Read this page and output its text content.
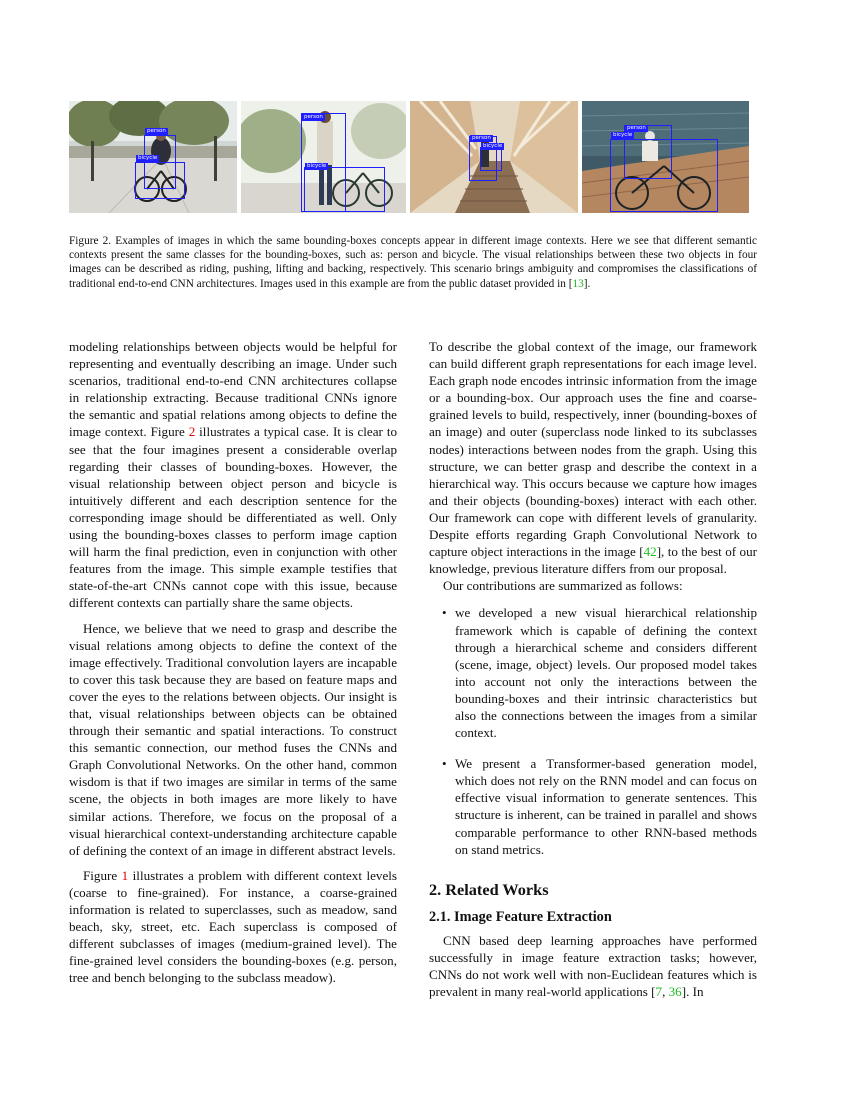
person
bicycle
person
bicycle
person
bicycle
person
bicycle
Figure 2. Examples of images in which the same bounding-boxes concepts appear in different image contexts. Here we see that different semantic contexts present the same classes for the bounding-boxes, such as: person and bicycle. The visual relationships between these two objects in four images can be described as riding, pushing, lifting and backing, respectively. This scenario brings ambiguity and compromises the classifications of traditional end-to-end CNN architectures. Images used in this example are from the public dataset provided in [13].

modeling relationships between objects would be helpful for representing and eventually describing an image. Under such scenarios, traditional end-to-end CNN architectures collapse in relationship extracting. Because traditional CNNs ignore the semantic and spatial relations among objects to define the image context. Figure 2 illustrates a typical case. It is clear to see that the four imagines present a considerable overlap regarding their classes of bounding-boxes. However, the visual relationship between object person and bicycle is intuitively different and each description sentence for the corresponding image should be differentiated as well. Only using the bounding-boxes classes to perform image caption will harm the final prediction, even in conjunction with other features from the image. This simple example testifies that state-of-the-art CNNs cannot cope with this issue, because different contexts can partially share the same objects.

Hence, we believe that we need to grasp and describe the visual relations among objects to define the context of the image effectively. Traditional convolution layers are incapable to cover this task because they are based on feature maps and cover the eyes to the relations between objects. Our insight is that, visual relationships between objects can be obtained through their semantic and spatial interactions. To construct this semantic connection, our method fuses the CNNs and Graph Convolutional Networks. On the other hand, common wisdom is that if two images are similar in terms of the same scene, the objects in both images are more likely to have similar actions. Therefore, we focus on the proposal of a visual hierarchical context-understanding architecture capable of defining the context of an image in different abstract levels.

Figure 1 illustrates a problem with different context levels (coarse to fine-grained). For instance, a coarse-grained information is related to superclasses, such as meadow, sand beach, sky, street, etc. Each superclass is composed of different subclasses of images (medium-grained level). The fine-grained level considers the bounding-boxes (e.g. person, tree and bench belonging to the subclass meadow).

To describe the global context of the image, our framework can build different graph representations for each image level. Each graph node encodes intrinsic information from the image or a bounding-box. Our approach uses the fine and coarse-grained levels to build, respectively, inner (bounding-boxes of an image) and outer (superclass node linked to its subclasses nodes) interactions between nodes from the graph. Using this structure, we can better grasp and describe the context in a hierarchical way. This occurs because we capture how images and their objects (bounding-boxes) interact with each other. Our framework can cope with different levels of granularity. Despite efforts regarding Graph Convolutional Network to capture object interactions in the image [42], to the best of our knowledge, previous literature differs from our proposal.

Our contributions are summarized as follows:

• we developed a new visual hierarchical relationship framework which is capable of defining the context through a hierarchical scheme and considers different (scene, image, object) levels. Our proposed model takes into account not only the interactions between the bounding-boxes and their intrinsic characteristics but also the connections between the images from a similar context.
• We present a Transformer-based generation model, which does not rely on the RNN model and can focus on effective visual information to generate sentences. This structure is inherent, can be trained in parallel and shows comparable performance to other RNN-based methods on stand metrics.
2. Related Works
2.1. Image Feature Extraction

CNN based deep learning approaches have performed successfully in image feature extraction tasks; however, CNNs do not work well with non-Euclidean features which is prevalent in many real-world applications [7, 36]. In
